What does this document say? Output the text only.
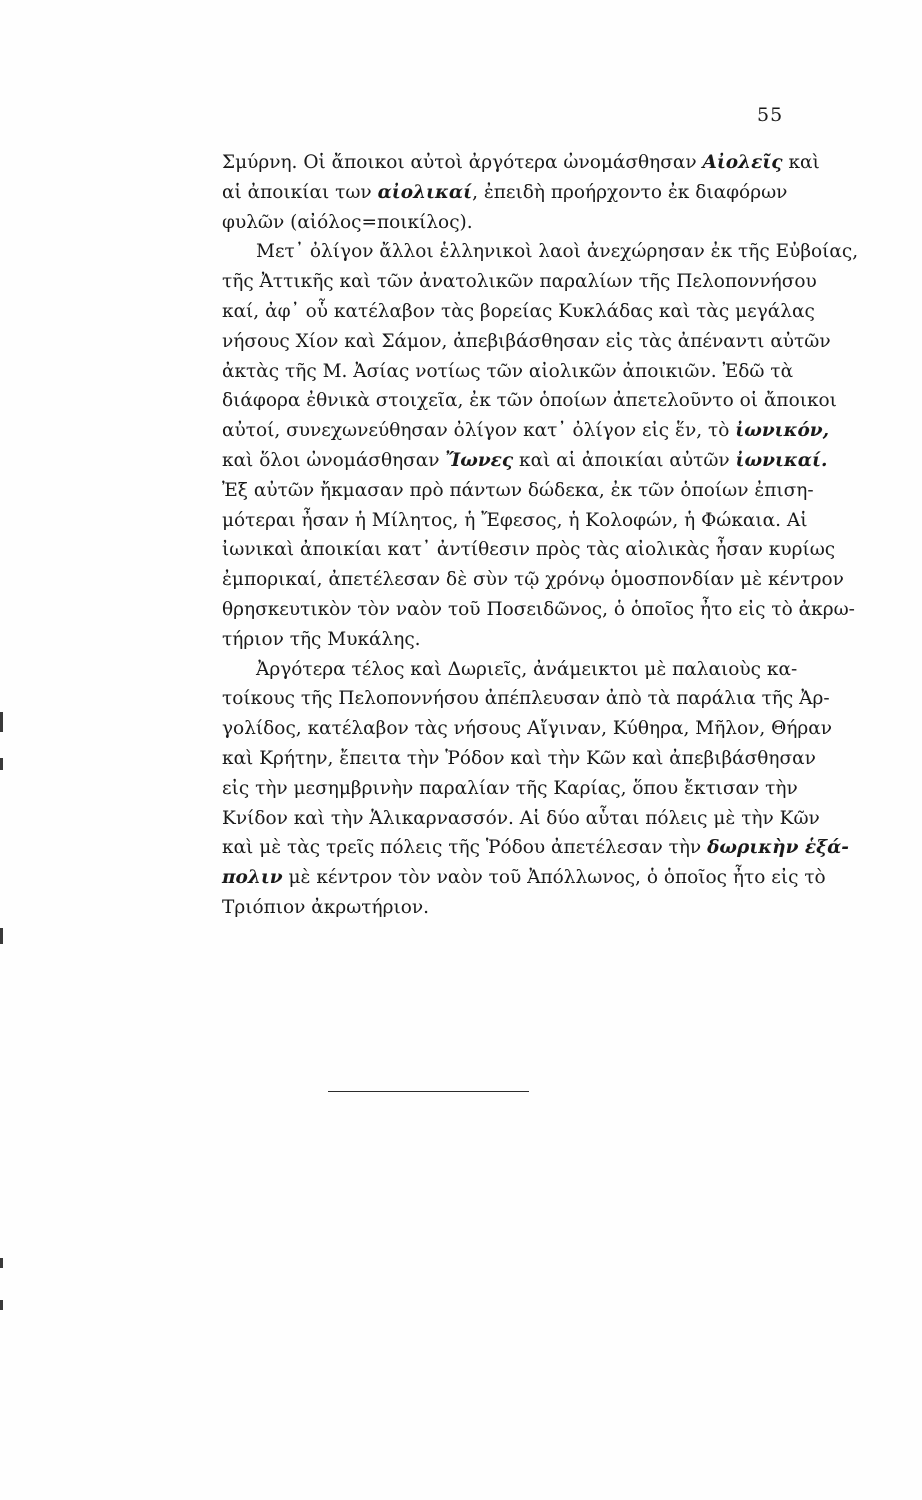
55

Σμύρνη. Οἱ ἄποικοι αὐτοὶ ἀργότερα ὠνομάσθησαν Αἰολεῖς καὶ
αἱ ἀποικίαι των αἰολικαί, ἐπειδὴ προήρχοντο ἐκ διαφόρων
φυλῶν (αἰόλος=ποικίλος).

Μετ᾿ ὀλίγον ἄλλοι ἑλληνικοὶ λαοὶ ἀνεχώρησαν ἐκ τῆς Εὐβοίας,
τῆς Ἀττικῆς καὶ τῶν ἀνατολικῶν παραλίων τῆς Πελοποννήσου
καί, ἀφ᾿ οὗ κατέλαβον τὰς βορείας Κυκλάδας καὶ τὰς μεγάλας
νήσους Χίον καὶ Σάμον, ἀπεβιβάσθησαν εἰς τὰς ἀπέναντι αὐτῶν
ἀκτὰς τῆς Μ. Ἀσίας νοτίως τῶν αἰολικῶν ἀποικιῶν. Ἐδῶ τὰ
διάφορα ἐθνικὰ στοιχεῖα, ἐκ τῶν ὁποίων ἀπετελοῦντο οἱ ἄποικοι
αὐτοί, συνεχωνεύθησαν ὀλίγον κατ᾿ ὀλίγον εἰς ἕν, τὸ ἰωνικόν,
καὶ ὅλοι ὠνομάσθησαν Ἴωνες καὶ αἱ ἀποικίαι αὐτῶν ἰωνικαί.
Ἐξ αὐτῶν ἤκμασαν πρὸ πάντων δώδεκα, ἐκ τῶν ὁποίων ἐπιση-
μότεραι ἦσαν ἡ Μίλητος, ἡ Ἔφεσος, ἡ Κολοφών, ἡ Φώκαια. Αἱ
ἰωνικαὶ ἀποικίαι κατ᾿ ἀντίθεσιν πρὸς τὰς αἰολικὰς ἦσαν κυρίως
ἐμπορικαί, ἀπετέλεσαν δὲ σὺν τῷ χρόνῳ ὁμοσπονδίαν μὲ κέντρον
θρησκευτικὸν τὸν ναὸν τοῦ Ποσειδῶνος, ὁ ὁποῖος ἦτο εἰς τὸ ἀκρω-
τήριον τῆς Μυκάλης.

Ἀργότερα τέλος καὶ Δωριεῖς, ἀνάμεικτοι μὲ παλαιοὺς κα-
τοίκους τῆς Πελοποννήσου ἀπέπλευσαν ἀπὸ τὰ παράλια τῆς Ἀρ-
γολίδος, κατέλαβον τὰς νήσους Αἴγιναν, Κύθηρα, Μῆλον, Θήραν
καὶ Κρήτην, ἔπειτα τὴν Ῥόδον καὶ τὴν Κῶν καὶ ἀπεβιβάσθησαν
εἰς τὴν μεσημβρινὴν παραλίαν τῆς Καρίας, ὅπου ἔκτισαν τὴν
Κνίδον καὶ τὴν Ἁλικαρνασσόν. Αἱ δύο αὗται πόλεις μὲ τὴν Κῶν
καὶ μὲ τὰς τρεῖς πόλεις τῆς Ῥόδου ἀπετέλεσαν τὴν δωρικὴν ἑξά-
πολιν μὲ κέντρον τὸν ναὸν τοῦ Ἀπόλλωνος, ὁ ὁποῖος ἦτο εἰς τὸ
Τριόπιον ἀκρωτήριον.
